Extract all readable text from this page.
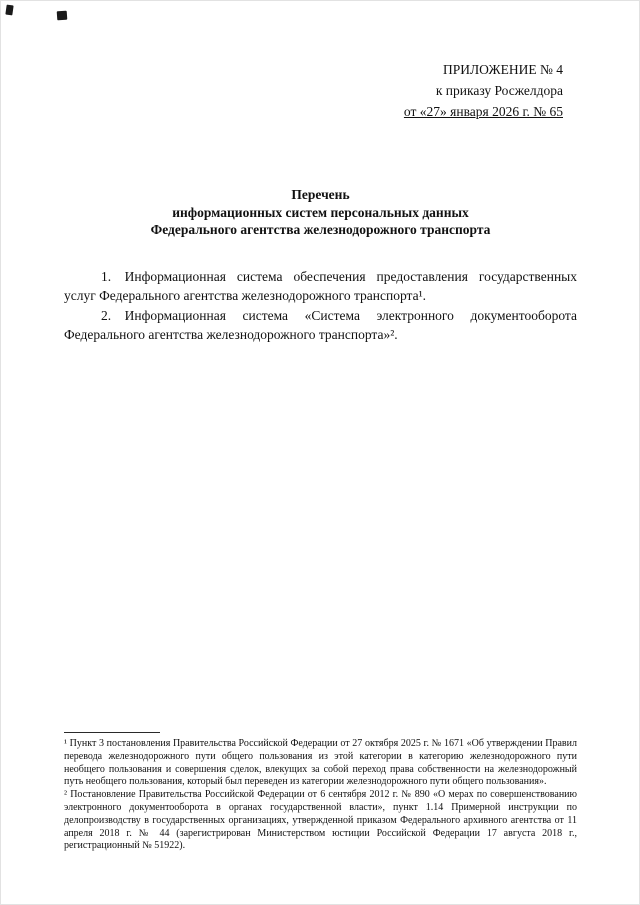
ПРИЛОЖЕНИЕ № 4
к приказу Росжелдора
от «27» января 2026 г. № 65
Перечень
информационных систем персональных данных
Федерального агентства железнодорожного транспорта

1. Информационная система обеспечения предоставления государственных услуг Федерального агентства железнодорожного транспорта¹.

2. Информационная система «Система электронного документооборота Федерального агентства железнодорожного транспорта»².

¹ Пункт 3 постановления Правительства Российской Федерации от 27 октября 2025 г. № 1671 «Об утверждении Правил перевода железнодорожного пути общего пользования из этой категории в категорию железнодорожного пути необщего пользования и совершения сделок, влекущих за собой переход права собственности на железнодорожный путь необщего пользования, который был переведен из категории железнодорожного пути общего пользования».

² Постановление Правительства Российской Федерации от 6 сентября 2012 г. № 890 «О мерах по совершенствованию электронного документооборота в органах государственной власти», пункт 1.14 Примерной инструкции по делопроизводству в государственных организациях, утвержденной приказом Федерального архивного агентства от 11 апреля 2018 г. № 44 (зарегистрирован Министерством юстиции Российской Федерации 17 августа 2018 г., регистрационный № 51922).
